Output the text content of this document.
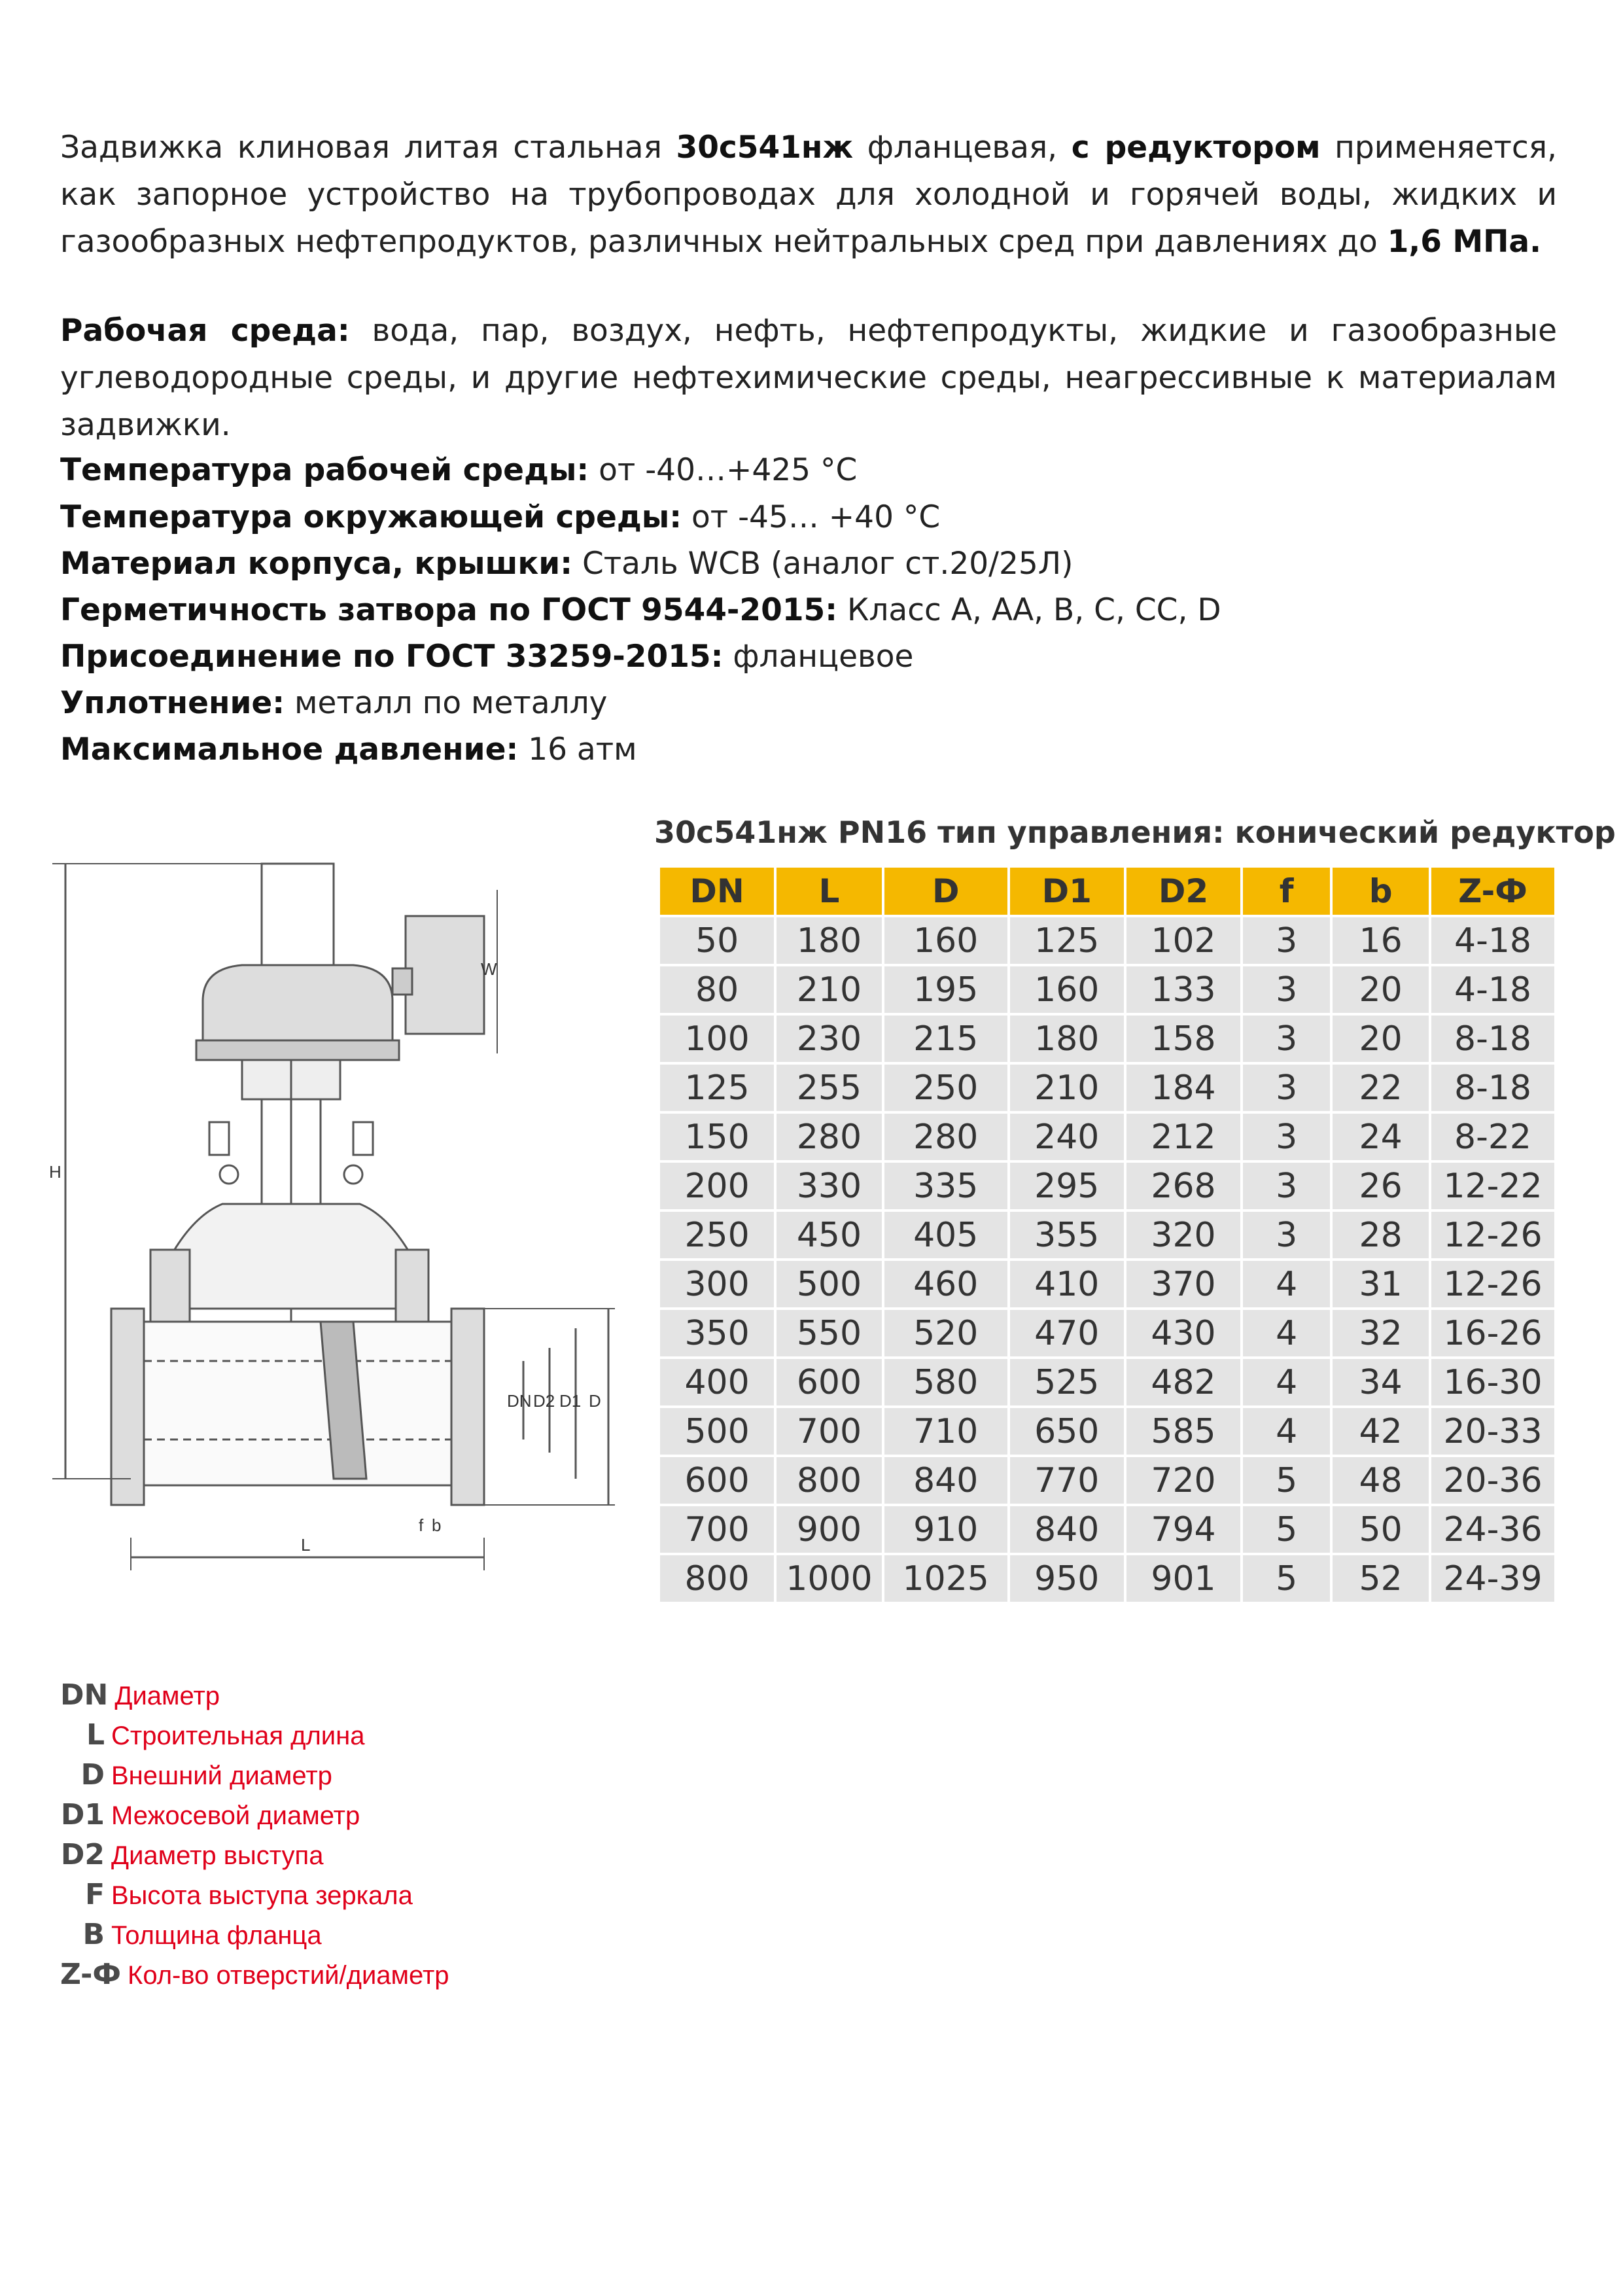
Задвижка клиновая литая стальная 30с541нж фланцевая, с редуктором применяется, как запорное устройство на трубопроводах для холодной и горячей воды, жидких и газообразных нефтепродуктов, различных нейтральных сред при давлениях до 1,6 МПа.
Рабочая среда: вода, пар, воздух, нефть, нефтепродукты, жидкие и газообразные углеводородные среды, и другие нефтехимические среды, неагрессивные к материалам задвижки.
Температура рабочей среды: от -40…+425 °С
Температура окружающей среды: от -45… +40 °С
Материал корпуса, крышки: Сталь WCB (аналог ст.20/25Л)
Герметичность затвора по ГОСТ 9544-2015: Класс А, АА, В, С, СС, D
Присоединение по ГОСТ 33259-2015: фланцевое
Уплотнение: металл по металлу
Максимальное давление: 16 атм
H
W
L
DN D2 D1 D
f b
30с541нж PN16 тип управления: конический редуктор
DN	L	D	D1	D2	f	b	Z-Ф
50	180	160	125	102	3	16	4-18
80	210	195	160	133	3	20	4-18
100	230	215	180	158	3	20	8-18
125	255	250	210	184	3	22	8-18
150	280	280	240	212	3	24	8-22
200	330	335	295	268	3	26	12-22
250	450	405	355	320	3	28	12-26
300	500	460	410	370	4	31	12-26
350	550	520	470	430	4	32	16-26
400	600	580	525	482	4	34	16-30
500	700	710	650	585	4	42	20-33
600	800	840	770	720	5	48	20-36
700	900	910	840	794	5	50	24-36
800	1000	1025	950	901	5	52	24-39
DN Диаметр
L Строительная длина
D Внешний диаметр
D1 Межосевой диаметр
D2 Диаметр выступа
F Высота выступа зеркала
B Толщина фланца
Z-Ф Кол-во отверстий/диаметр
